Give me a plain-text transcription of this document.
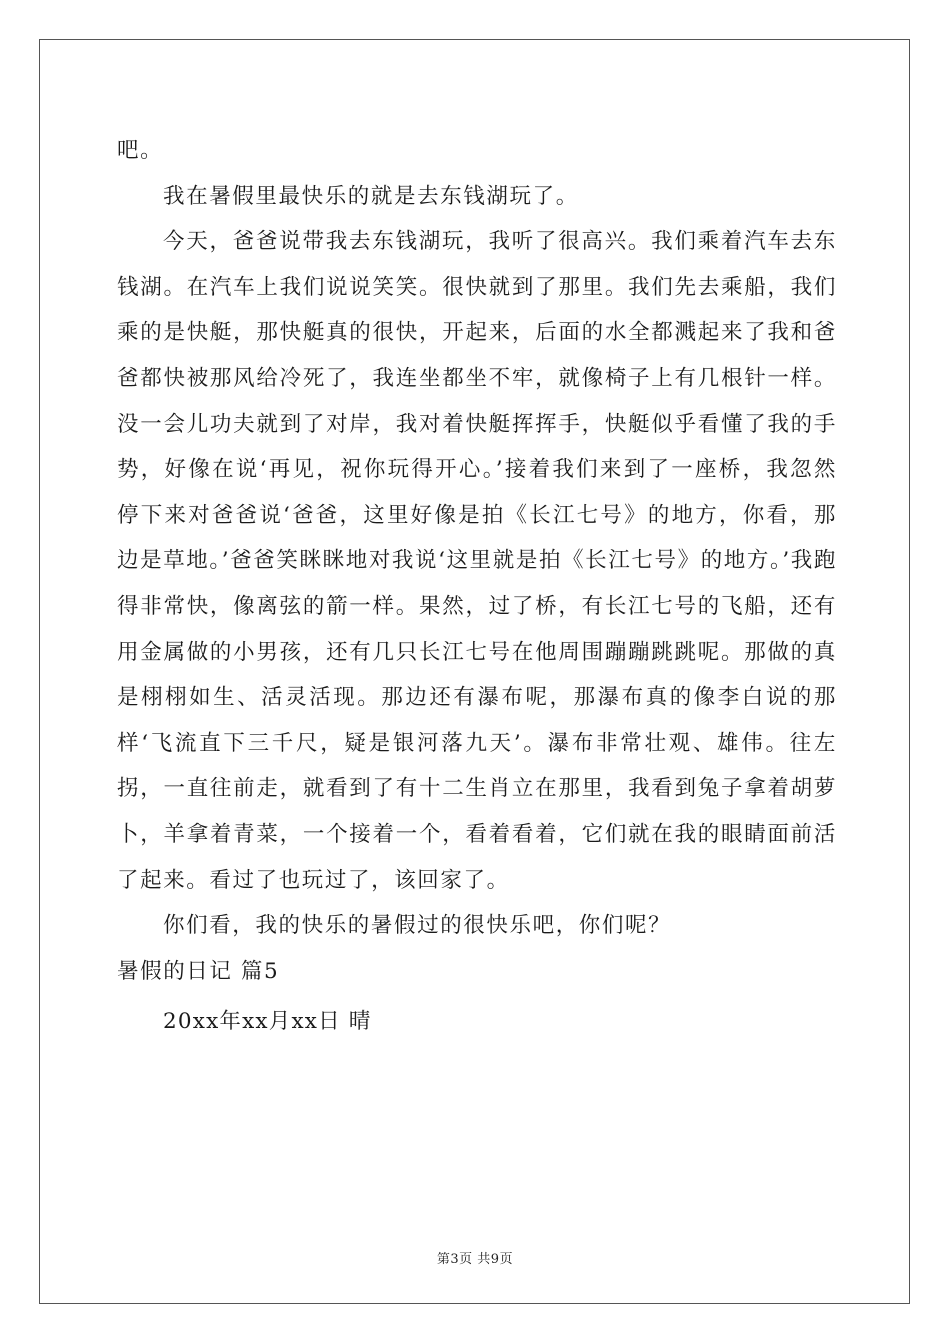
吧。

我在暑假里最快乐的就是去东钱湖玩了。

今天，爸爸说带我去东钱湖玩，我听了很高兴。我们乘着汽车去东钱湖。在汽车上我们说说笑笑。很快就到了那里。我们先去乘船，我们乘的是快艇，那快艇真的很快，开起来，后面的水全都溅起来了我和爸爸都快被那风给冷死了，我连坐都坐不牢，就像椅子上有几根针一样。没一会儿功夫就到了对岸，我对着快艇挥挥手，快艇似乎看懂了我的手势，好像在说‘再见，祝你玩得开心。’接着我们来到了一座桥，我忽然停下来对爸爸说‘爸爸，这里好像是拍《长江七号》的地方，你看，那边是草地。’爸爸笑眯眯地对我说‘这里就是拍《长江七号》的地方。’我跑得非常快，像离弦的箭一样。果然，过了桥，有长江七号的飞船，还有用金属做的小男孩，还有几只长江七号在他周围蹦蹦跳跳呢。那做的真是栩栩如生、活灵活现。那边还有瀑布呢，那瀑布真的像李白说的那样‘飞流直下三千尺，疑是银河落九天’。瀑布非常壮观、雄伟。往左拐，一直往前走，就看到了有十二生肖立在那里，我看到兔子拿着胡萝卜，羊拿着青菜，一个接着一个，看着看着，它们就在我的眼睛面前活了起来。看过了也玩过了，该回家了。

你们看，我的快乐的暑假过的很快乐吧，你们呢？

暑假的日记 篇5

20xx年xx月xx日 晴

第3页 共9页
